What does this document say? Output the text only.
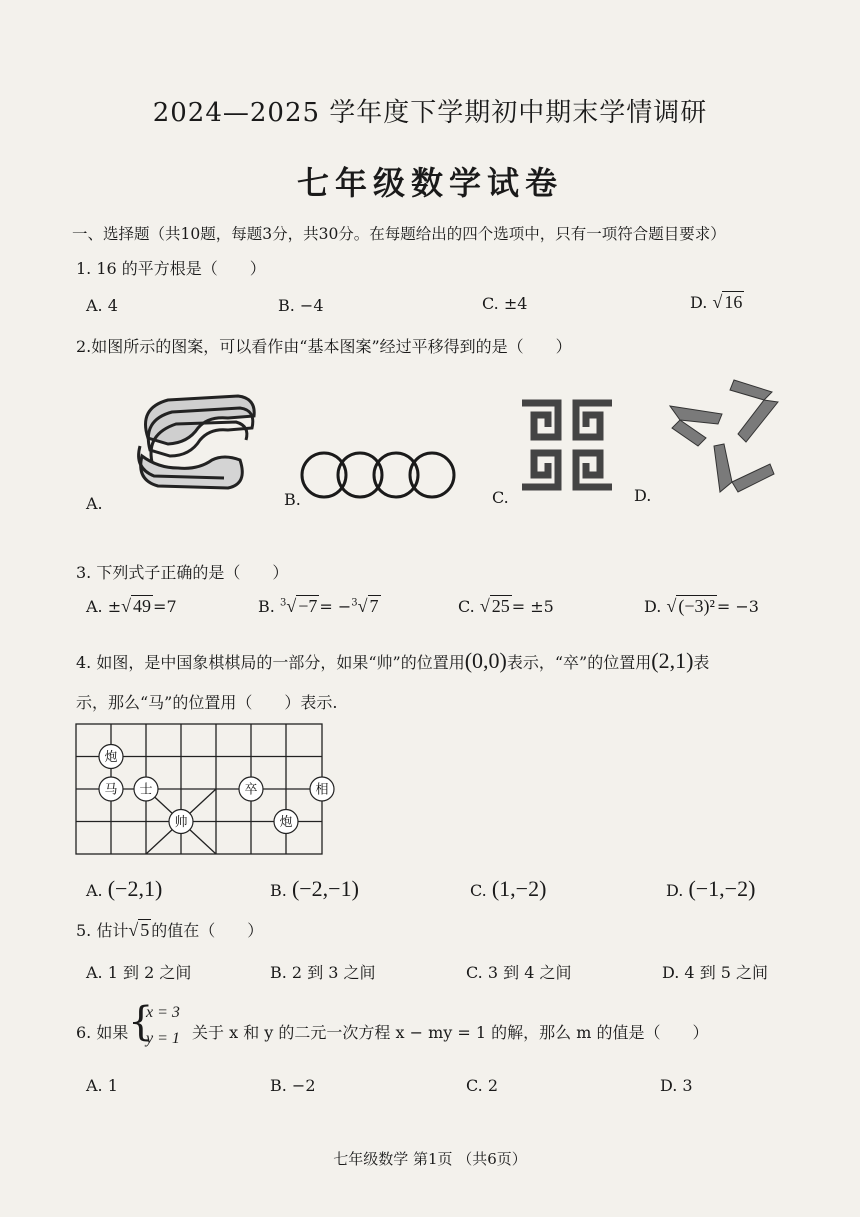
2024—2025 学年度下学期初中期末学情调研
七年级数学试卷
一、选择题（共10题，每题3分，共30分。在每题给出的四个选项中，只有一项符合题目要求）
1. 16 的平方根是（　　）
A. 4	B. −4	C. ±4	D. √ 16
2.如图所示的图案，可以看作由“基本图案”经过平移得到的是（　　）
A.	B.	C.	D.
3. 下列式子正确的是（　　）
A. ±√ 49 =7	B. $^3$√ −7 = −$^3$√ 7	C. √ 25 = ±5	D. √ (−3)² = −3
4. 如图，是中国象棋棋局的一部分，如果“帅”的位置用(0,0)表示，“卒”的位置用(2,1)表
示，那么“马”的位置用（　　）表示.
炮
马 士
帅
卒
炮
相
A. (−2,1)	B. (−2,−1)	C. (1,−2)	D. (−1,−2)
5. 估计√ 5 的值在（　　）
A. 1 到 2 之间	B. 2 到 3 之间	C. 3 到 4 之间	D. 4 到 5 之间
6. 如果 {
x = 3
y = 1 关于 x 和 y 的二元一次方程 x − my = 1 的解，那么 m 的值是（　　）
A. 1	B. −2	C. 2	D. 3
七年级数学 第1页 （共6页）
